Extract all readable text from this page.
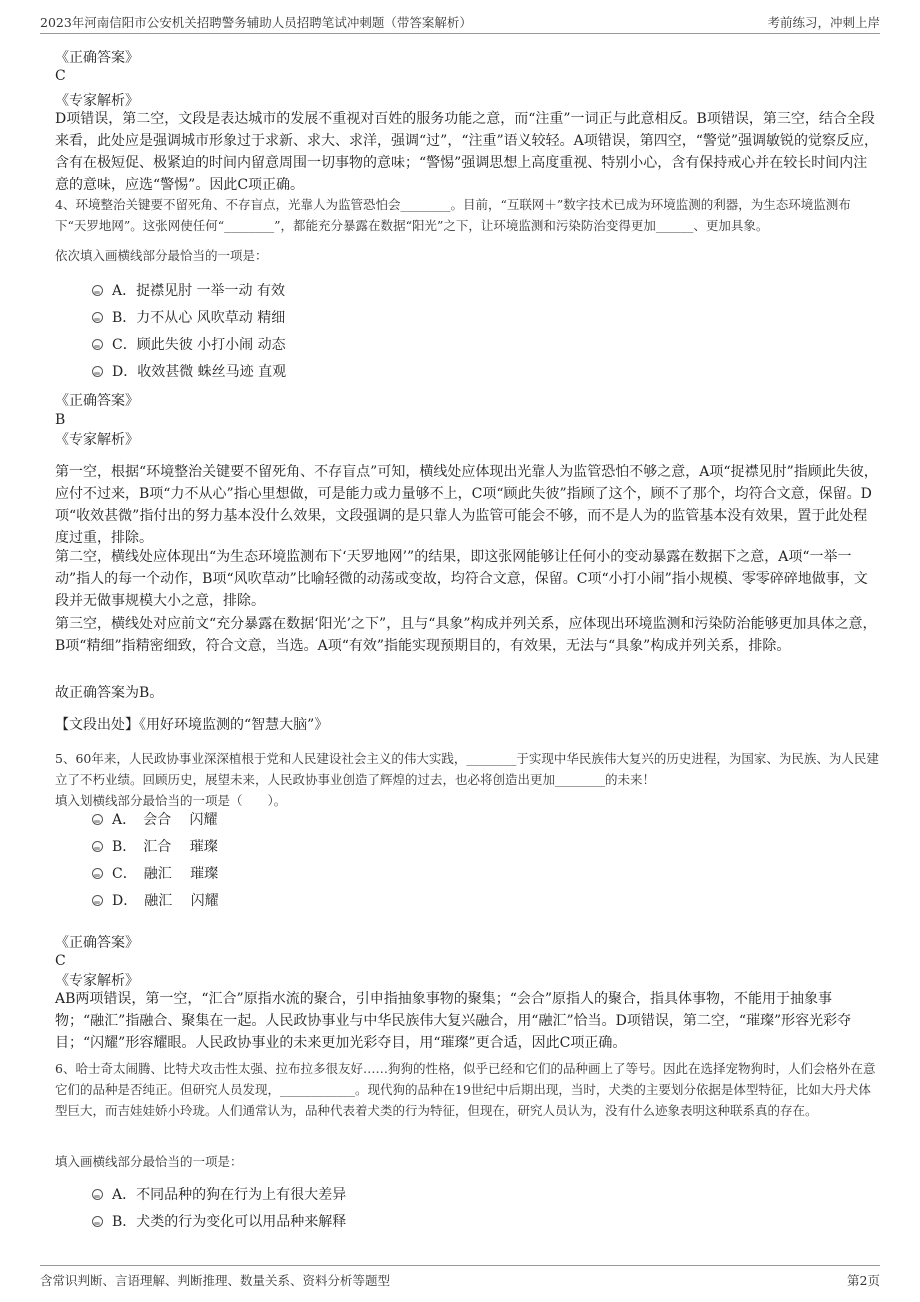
2023年河南信阳市公安机关招聘警务辅助人员招聘笔试冲刺题（带答案解析）	考前练习，冲刺上岸
《正确答案》
C
《专家解析》
D项错误，第二空，文段是表达城市的发展不重视对百姓的服务功能之意，而“注重”一词正与此意相反。B项错误，第三空，结合全段来看，此处应是强调城市形象过于求新、求大、求洋，强调“过”，“注重”语义较轻。A项错误，第四空，“警觉”强调敏锐的觉察反应，含有在极短促、极紧迫的时间内留意周围一切事物的意味；“警惕”强调思想上高度重视、特别小心，含有保持戒心并在较长时间内注意的意味，应选“警惕”。因此C项正确。
4、环境整治关键要不留死角、不存盲点，光靠人为监管恐怕会________。目前，“互联网＋”数字技术已成为环境监测的利器，为生态环境监测布下“天罗地网”。这张网使任何“________”，都能充分暴露在数据“阳光”之下，让环境监测和污染防治变得更加______、更加具象。
依次填入画横线部分最恰当的一项是：
A．捉襟见肘 一举一动 有效
B．力不从心 风吹草动 精细
C．顾此失彼 小打小闹 动态
D．收效甚微 蛛丝马迹 直观
《正确答案》
B
《专家解析》
第一空，根据“环境整治关键要不留死角、不存盲点”可知，横线处应体现出光靠人为监管恐怕不够之意，A项“捉襟见肘”指顾此失彼，应付不过来，B项“力不从心”指心里想做，可是能力或力量够不上，C项“顾此失彼”指顾了这个，顾不了那个，均符合文意，保留。D项“收效甚微”指付出的努力基本没什么效果，文段强调的是只靠人为监管可能会不够，而不是人为的监管基本没有效果，置于此处程度过重，排除。
第二空，横线处应体现出“为生态环境监测布下‘天罗地网’”的结果，即这张网能够让任何小的变动暴露在数据下之意，A项“一举一动”指人的每一个动作，B项“风吹草动”比喻轻微的动荡或变故，均符合文意，保留。C项“小打小闹”指小规模、零零碎碎地做事，文段并无做事规模大小之意，排除。
第三空，横线处对应前文“充分暴露在数据‘阳光’之下”，且与“具象”构成并列关系，应体现出环境监测和污染防治能够更加具体之意，B项“精细”指精密细致，符合文意，当选。A项“有效”指能实现预期目的，有效果，无法与“具象”构成并列关系，排除。
故正确答案为B。
【文段出处】《用好环境监测的“智慧大脑”》
5、60年来，人民政协事业深深植根于党和人民建设社会主义的伟大实践，________于实现中华民族伟大复兴的历史进程，为国家、为民族、为人民建立了不朽业绩。回顾历史，展望未来，人民政协事业创造了辉煌的过去，也必将创造出更加________的未来！
填入划横线部分最恰当的一项是（　　）。
A．　会合　 闪耀
B．　汇合　 璀璨
C．　融汇　 璀璨
D．　融汇　 闪耀
《正确答案》
C
《专家解析》
AB两项错误，第一空，“汇合”原指水流的聚合，引申指抽象事物的聚集；“会合”原指人的聚合，指具体事物，不能用于抽象事物；“融汇”指融合、聚集在一起。人民政协事业与中华民族伟大复兴融合，用“融汇”恰当。D项错误，第二空，“璀璨”形容光彩夺目；“闪耀”形容耀眼。人民政协事业的未来更加光彩夺目，用“璀璨”更合适，因此C项正确。
6、哈士奇太闹腾、比特犬攻击性太强、拉布拉多很友好……狗狗的性格，似乎已经和它们的品种画上了等号。因此在选择宠物狗时，人们会格外在意它们的品种是否纯正。但研究人员发现，____________。现代狗的品种在19世纪中后期出现，当时，犬类的主要划分依据是体型特征，比如大丹犬体型巨大，而吉娃娃娇小玲珑。人们通常认为，品种代表着犬类的行为特征，但现在，研究人员认为，没有什么迹象表明这种联系真的存在。
填入画横线部分最恰当的一项是：
A．不同品种的狗在行为上有很大差异
B．犬类的行为变化可以用品种来解释
含常识判断、言语理解、判断推理、数量关系、资料分析等题型	第2页
